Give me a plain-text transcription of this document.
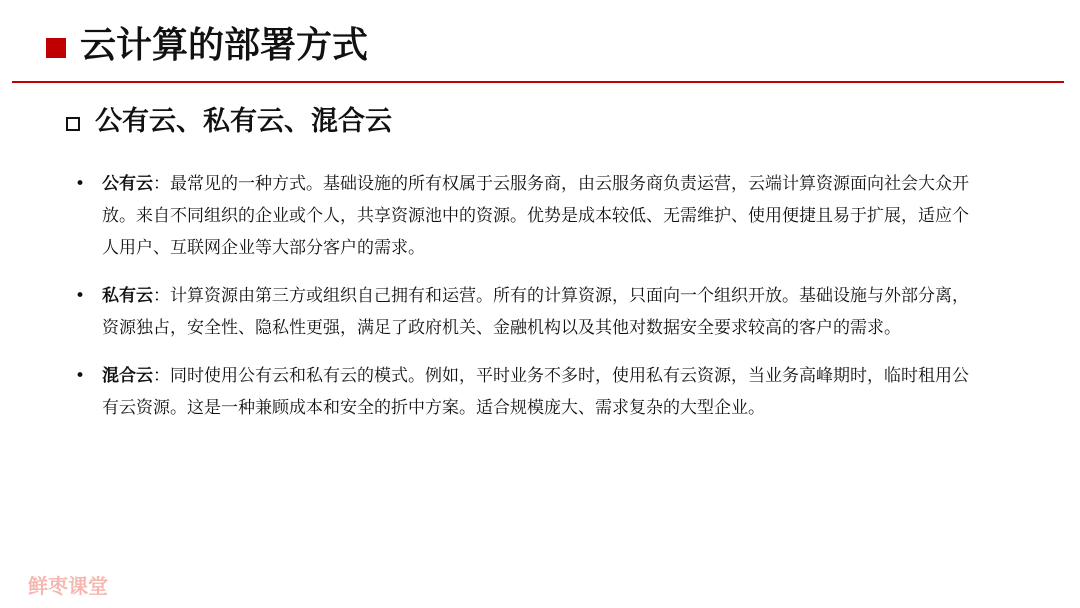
云计算的部署方式
公有云、私有云、混合云
• 公有云：最常见的一种方式。基础设施的所有权属于云服务商，由云服务商负责运营，云端计算资源面向社会大众开放。来自不同组织的企业或个人，共享资源池中的资源。优势是成本较低、无需维护、使用便捷且易于扩展，适应个人用户、互联网企业等大部分客户的需求。
• 私有云：计算资源由第三方或组织自己拥有和运营。所有的计算资源，只面向一个组织开放。基础设施与外部分离，资源独占，安全性、隐私性更强，满足了政府机关、金融机构以及其他对数据安全要求较高的客户的需求。
• 混合云：同时使用公有云和私有云的模式。例如，平时业务不多时，使用私有云资源，当业务高峰期时，临时租用公有云资源。这是一种兼顾成本和安全的折中方案。适合规模庞大、需求复杂的大型企业。
鲜枣课堂
